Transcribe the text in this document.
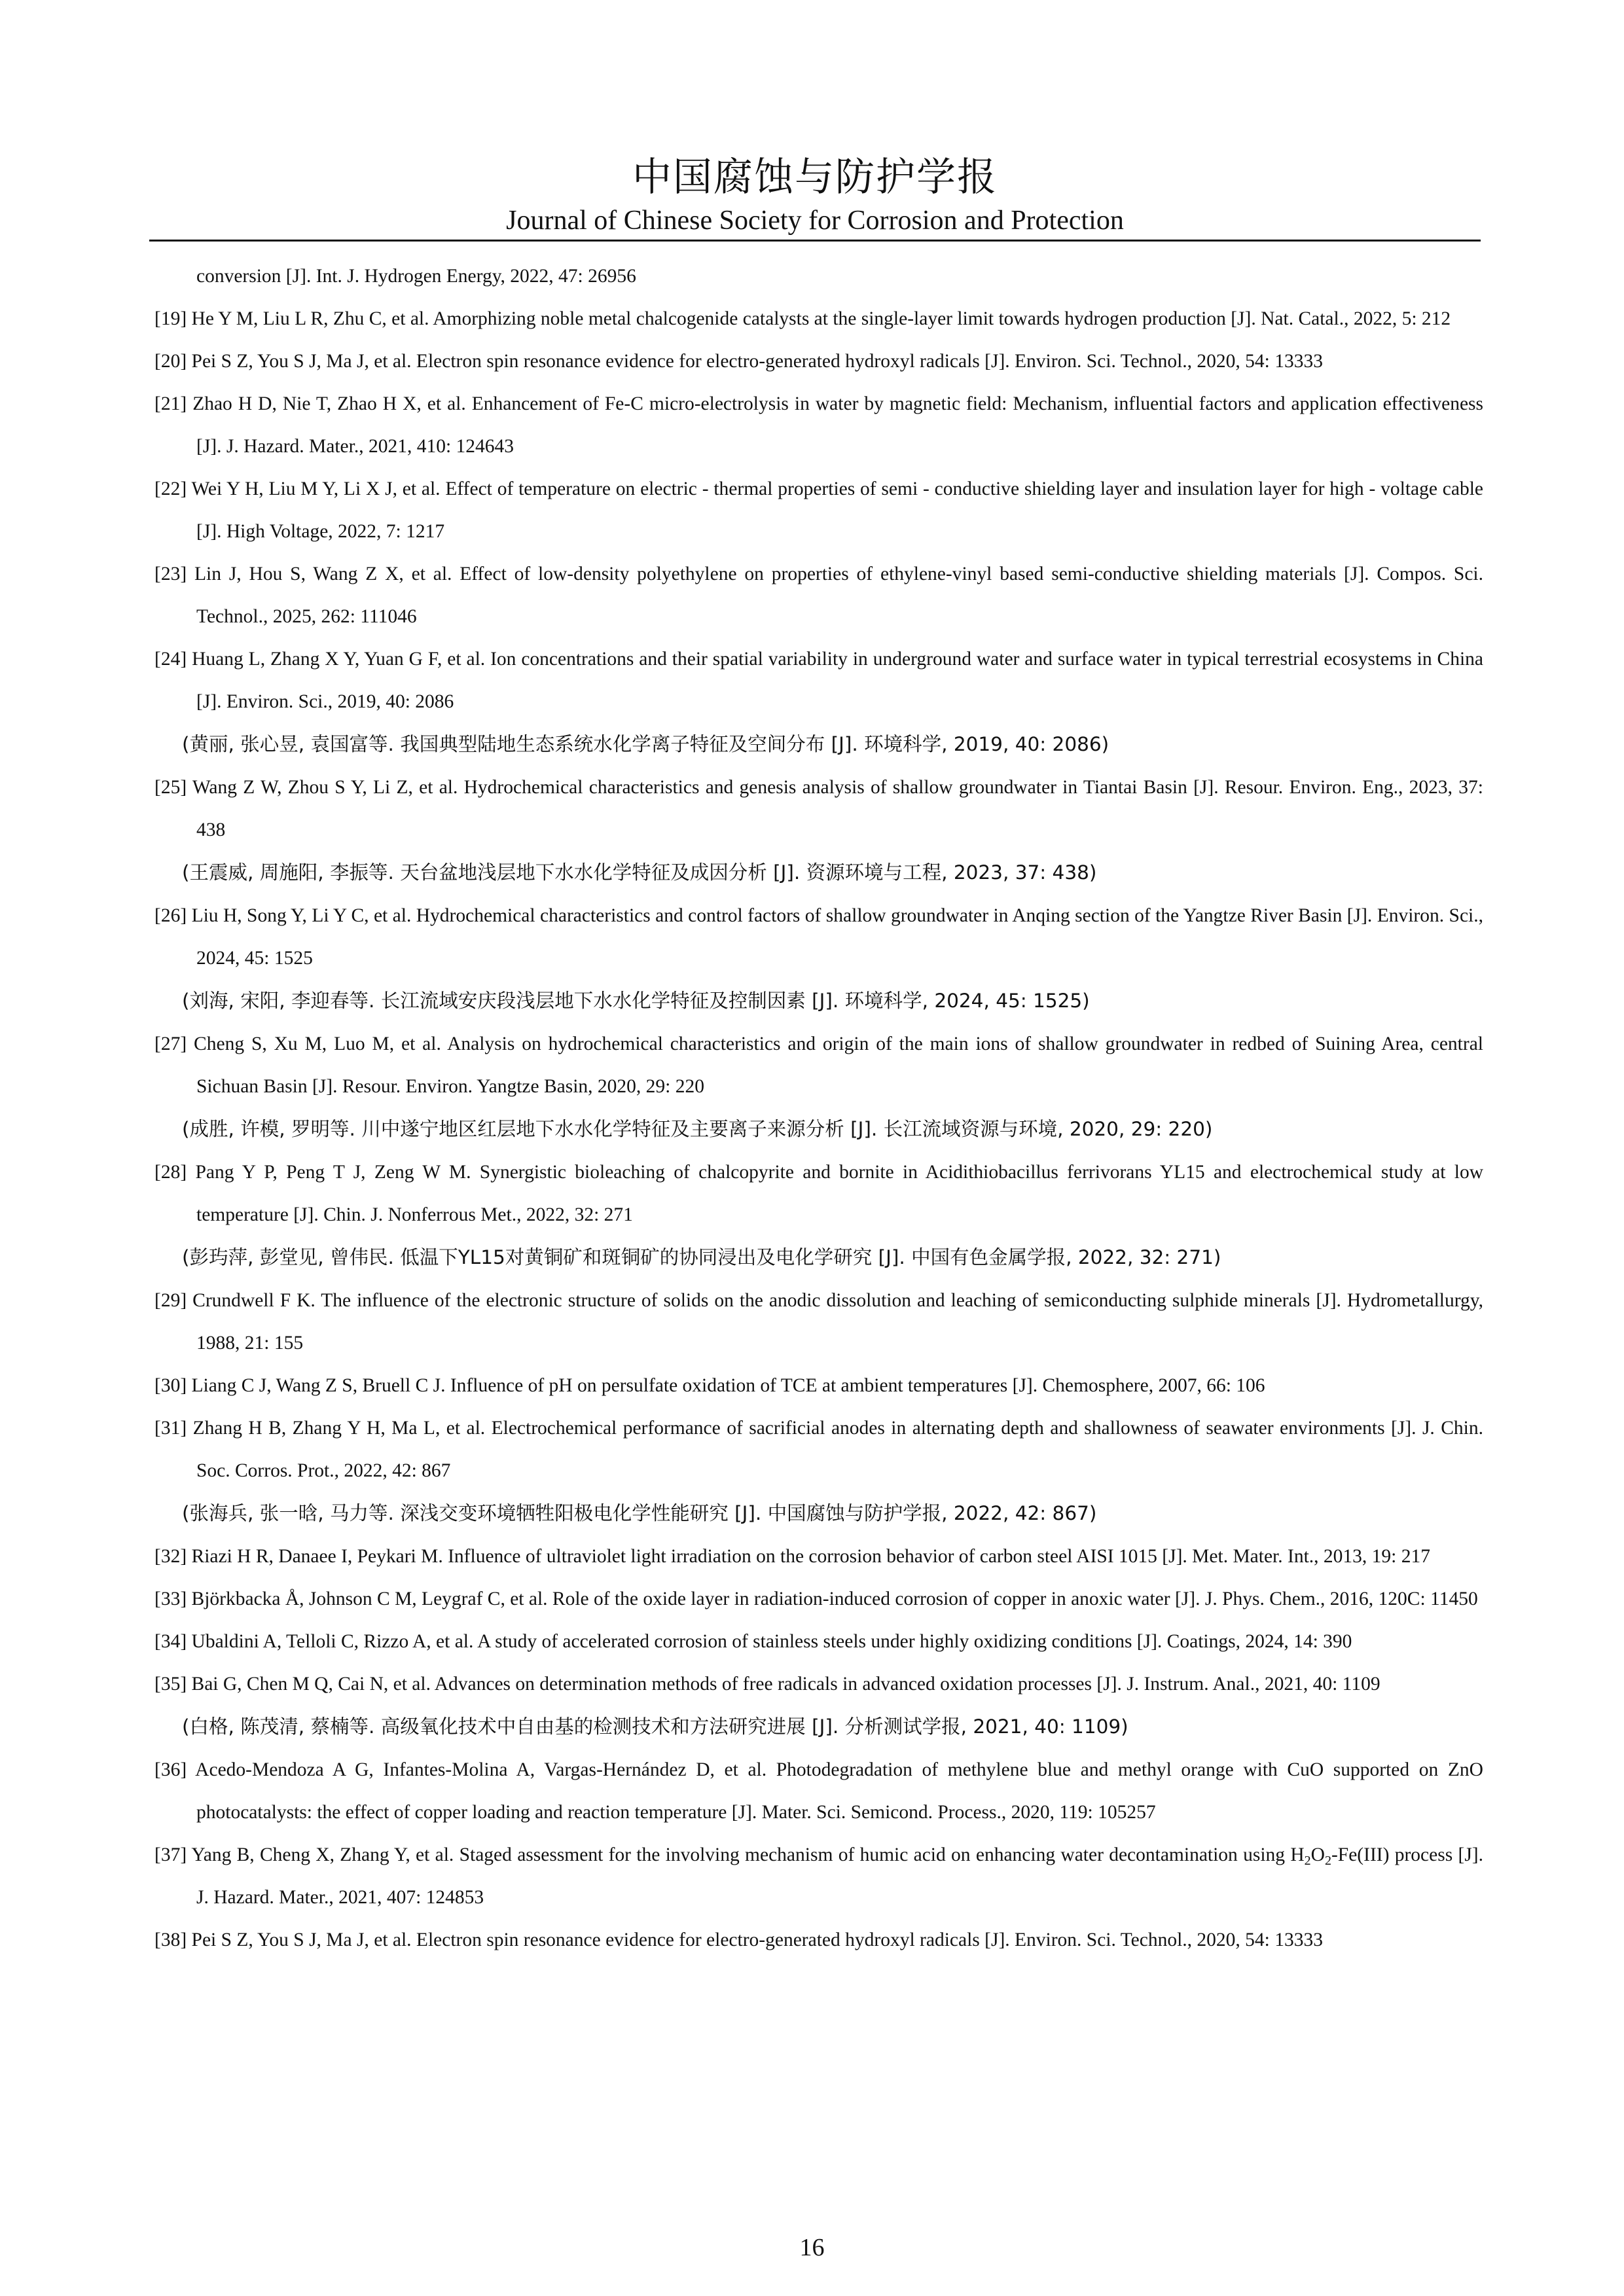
中国腐蚀与防护学报
Journal of Chinese Society for Corrosion and Protection
conversion [J]. Int. J. Hydrogen Energy, 2022, 47: 26956
[19] He Y M, Liu L R, Zhu C, et al. Amorphizing noble metal chalcogenide catalysts at the single-layer limit towards hydrogen production [J]. Nat. Catal., 2022, 5: 212
[20] Pei S Z, You S J, Ma J, et al. Electron spin resonance evidence for electro-generated hydroxyl radicals [J]. Environ. Sci. Technol., 2020, 54: 13333
[21] Zhao H D, Nie T, Zhao H X, et al. Enhancement of Fe-C micro-electrolysis in water by magnetic field: Mechanism, influential factors and application effectiveness [J]. J. Hazard. Mater., 2021, 410: 124643
[22] Wei Y H, Liu M Y, Li X J, et al. Effect of temperature on electric - thermal properties of semi - conductive shielding layer and insulation layer for high - voltage cable [J]. High Voltage, 2022, 7: 1217
[23] Lin J, Hou S, Wang Z X, et al. Effect of low-density polyethylene on properties of ethylene-vinyl based semi-conductive shielding materials [J]. Compos. Sci. Technol., 2025, 262: 111046
[24] Huang L, Zhang X Y, Yuan G F, et al. Ion concentrations and their spatial variability in underground water and surface water in typical terrestrial ecosystems in China [J]. Environ. Sci., 2019, 40: 2086
(黄丽, 张心昱, 袁国富等. 我国典型陆地生态系统水化学离子特征及空间分布 [J]. 环境科学, 2019, 40: 2086)
[25] Wang Z W, Zhou S Y, Li Z, et al. Hydrochemical characteristics and genesis analysis of shallow groundwater in Tiantai Basin [J]. Resour. Environ. Eng., 2023, 37: 438
(王震威, 周施阳, 李振等. 天台盆地浅层地下水水化学特征及成因分析 [J]. 资源环境与工程, 2023, 37: 438)
[26] Liu H, Song Y, Li Y C, et al. Hydrochemical characteristics and control factors of shallow groundwater in Anqing section of the Yangtze River Basin [J]. Environ. Sci., 2024, 45: 1525
(刘海, 宋阳, 李迎春等. 长江流域安庆段浅层地下水水化学特征及控制因素 [J]. 环境科学, 2024, 45: 1525)
[27] Cheng S, Xu M, Luo M, et al. Analysis on hydrochemical characteristics and origin of the main ions of shallow groundwater in redbed of Suining Area, central Sichuan Basin [J]. Resour. Environ. Yangtze Basin, 2020, 29: 220
(成胜, 许模, 罗明等. 川中遂宁地区红层地下水水化学特征及主要离子来源分析 [J]. 长江流域资源与环境, 2020, 29: 220)
[28] Pang Y P, Peng T J, Zeng W M. Synergistic bioleaching of chalcopyrite and bornite in Acidithiobacillus ferrivorans YL15 and electrochemical study at low temperature [J]. Chin. J. Nonferrous Met., 2022, 32: 271
(彭玙萍, 彭堂见, 曾伟民. 低温下YL15对黄铜矿和斑铜矿的协同浸出及电化学研究 [J]. 中国有色金属学报, 2022, 32: 271)
[29] Crundwell F K. The influence of the electronic structure of solids on the anodic dissolution and leaching of semiconducting sulphide minerals [J]. Hydrometallurgy, 1988, 21: 155
[30] Liang C J, Wang Z S, Bruell C J. Influence of pH on persulfate oxidation of TCE at ambient temperatures [J]. Chemosphere, 2007, 66: 106
[31] Zhang H B, Zhang Y H, Ma L, et al. Electrochemical performance of sacrificial anodes in alternating depth and shallowness of seawater environments [J]. J. Chin. Soc. Corros. Prot., 2022, 42: 867
(张海兵, 张一晗, 马力等. 深浅交变环境牺牲阳极电化学性能研究 [J]. 中国腐蚀与防护学报, 2022, 42: 867)
[32] Riazi H R, Danaee I, Peykari M. Influence of ultraviolet light irradiation on the corrosion behavior of carbon steel AISI 1015 [J]. Met. Mater. Int., 2013, 19: 217
[33] Björkbacka Å, Johnson C M, Leygraf C, et al. Role of the oxide layer in radiation-induced corrosion of copper in anoxic water [J]. J. Phys. Chem., 2016, 120C: 11450
[34] Ubaldini A, Telloli C, Rizzo A, et al. A study of accelerated corrosion of stainless steels under highly oxidizing conditions [J]. Coatings, 2024, 14: 390
[35] Bai G, Chen M Q, Cai N, et al. Advances on determination methods of free radicals in advanced oxidation processes [J]. J. Instrum. Anal., 2021, 40: 1109
(白格, 陈茂清, 蔡楠等. 高级氧化技术中自由基的检测技术和方法研究进展 [J]. 分析测试学报, 2021, 40: 1109)
[36] Acedo-Mendoza A G, Infantes-Molina A, Vargas-Hernández D, et al. Photodegradation of methylene blue and methyl orange with CuO supported on ZnO photocatalysts: the effect of copper loading and reaction temperature [J]. Mater. Sci. Semicond. Process., 2020, 119: 105257
[37] Yang B, Cheng X, Zhang Y, et al. Staged assessment for the involving mechanism of humic acid on enhancing water decontamination using $H_2O_2-Fe(III)$ process [J]. J. Hazard. Mater., 2021, 407: 124853
[38] Pei S Z, You S J, Ma J, et al. Electron spin resonance evidence for electro-generated hydroxyl radicals [J]. Environ. Sci. Technol., 2020, 54: 13333
16
